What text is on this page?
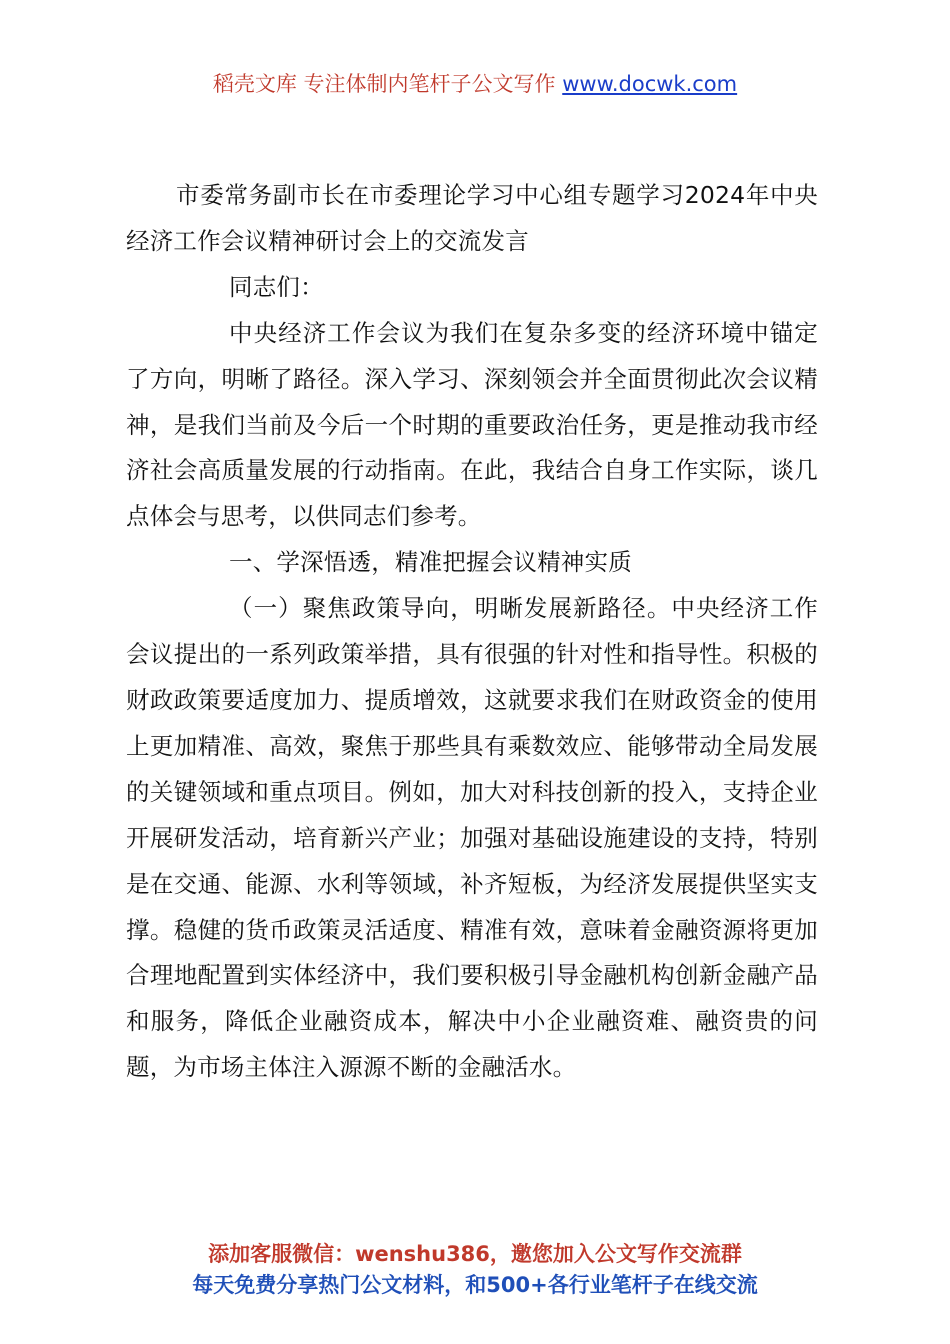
稻壳文库 专注体制内笔杆子公文写作 www.docwk.com

市委常务副市长在市委理论学习中心组专题学习2024年中央经济工作会议精神研讨会上的交流发言

同志们：

中央经济工作会议为我们在复杂多变的经济环境中锚定了方向，明晰了路径。深入学习、深刻领会并全面贯彻此次会议精神，是我们当前及今后一个时期的重要政治任务，更是推动我市经济社会高质量发展的行动指南。在此，我结合自身工作实际，谈几点体会与思考，以供同志们参考。

一、学深悟透，精准把握会议精神实质

（一）聚焦政策导向，明晰发展新路径。中央经济工作会议提出的一系列政策举措，具有很强的针对性和指导性。积极的财政政策要适度加力、提质增效，这就要求我们在财政资金的使用上更加精准、高效，聚焦于那些具有乘数效应、能够带动全局发展的关键领域和重点项目。例如，加大对科技创新的投入，支持企业开展研发活动，培育新兴产业；加强对基础设施建设的支持，特别是在交通、能源、水利等领域，补齐短板，为经济发展提供坚实支撑。稳健的货币政策灵活适度、精准有效，意味着金融资源将更加合理地配置到实体经济中，我们要积极引导金融机构创新金融产品和服务，降低企业融资成本，解决中小企业融资难、融资贵的问题，为市场主体注入源源不断的金融活水。

添加客服微信：wenshu386，邀您加入公文写作交流群
每天免费分享热门公文材料，和500+各行业笔杆子在线交流
